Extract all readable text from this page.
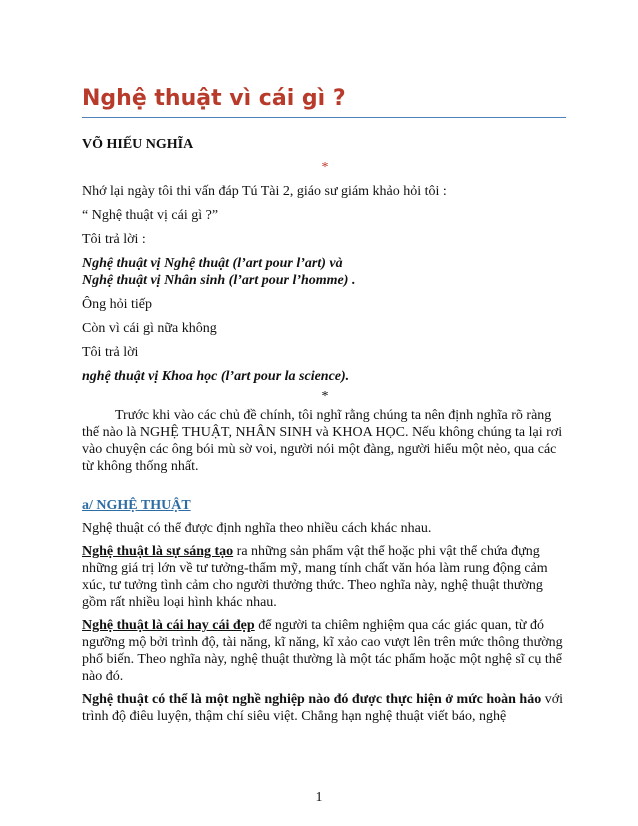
Nghệ thuật vì cái gì ?

VÕ HIẾU NGHĨA

*

Nhớ lại ngày tôi thi vấn đáp Tú Tài 2, giáo sư giám khảo hỏi tôi :

“ Nghệ thuật vị cái gì ?”

Tôi trả lời :

Nghệ thuật vị Nghệ thuật (l’art pour l’art) và

Nghệ thuật vị Nhân sinh (l’art pour l’homme) .

Ông hỏi tiếp

Còn vì cái gì nữa không

Tôi trả lời

nghệ thuật vị Khoa học (l’art pour la science).

*

Trước khi vào các chủ đề chính, tôi nghĩ rằng chúng ta nên định nghĩa rõ ràng thế nào là NGHỆ THUẬT, NHÂN SINH và KHOA HỌC. Nếu không chúng ta lại rơi vào chuyện các ông bói mù sờ voi, người nói một đàng, người hiểu một nẻo, qua các từ không thống nhất.

a/ NGHỆ THUẬT

Nghệ thuật có thể được định nghĩa theo nhiều cách khác nhau.

Nghệ thuật là sự sáng tạo ra những sản phẩm vật thể hoặc phi vật thể chứa đựng những giá trị lớn về tư tưởng-thẩm mỹ, mang tính chất văn hóa làm rung động cảm xúc, tư tưởng tình cảm cho người thưởng thức. Theo nghĩa này, nghệ thuật thường gồm rất nhiều loại hình khác nhau.

Nghệ thuật là cái hay cái đẹp để người ta chiêm nghiệm qua các giác quan, từ đó ngưỡng mộ bởi trình độ, tài năng, kĩ năng, kĩ xảo cao vượt lên trên mức thông thường phổ biến. Theo nghĩa này, nghệ thuật thường là một tác phẩm hoặc một nghệ sĩ cụ thể nào đó.

Nghệ thuật có thể là một nghề nghiệp nào đó được thực hiện ở mức hoàn hảo với trình độ điêu luyện, thậm chí siêu việt. Chẳng hạn nghệ thuật viết báo, nghệ

1
